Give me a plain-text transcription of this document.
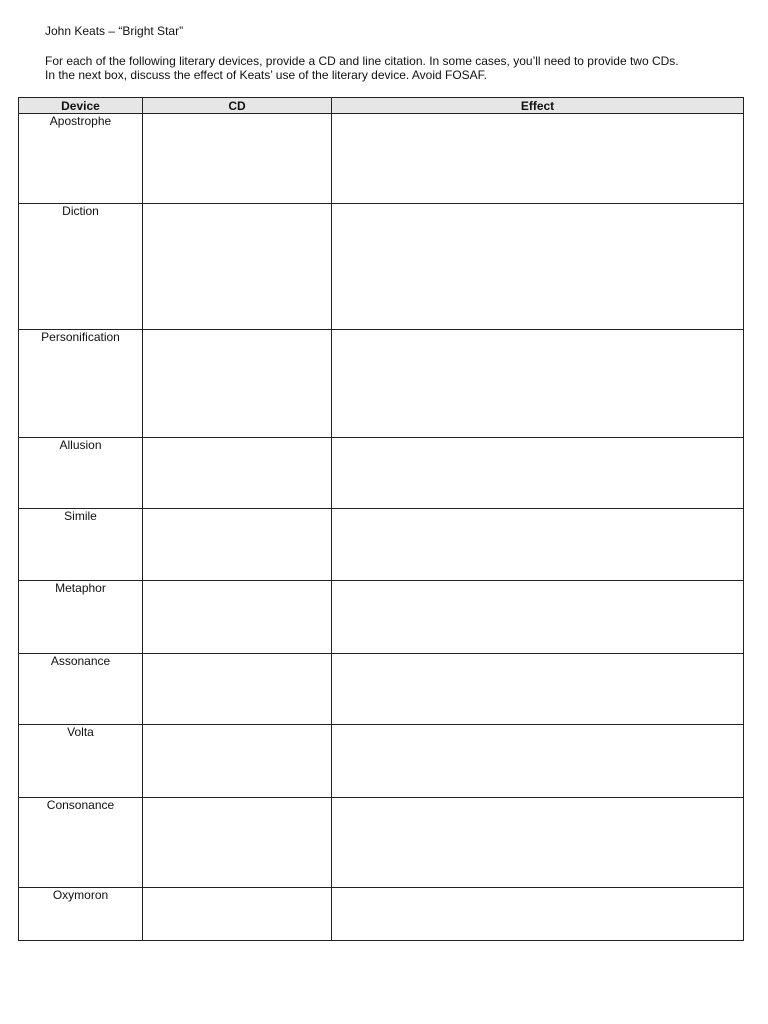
John Keats – “Bright Star”
For each of the following literary devices, provide a CD and line citation. In some cases, you’ll need to provide two CDs.
In the next box, discuss the effect of Keats’ use of the literary device. Avoid FOSAF.
Device	CD	Effect
Apostrophe		
Diction		
Personification		
Allusion		
Simile		
Metaphor		
Assonance		
Volta		
Consonance		
Oxymoron		
